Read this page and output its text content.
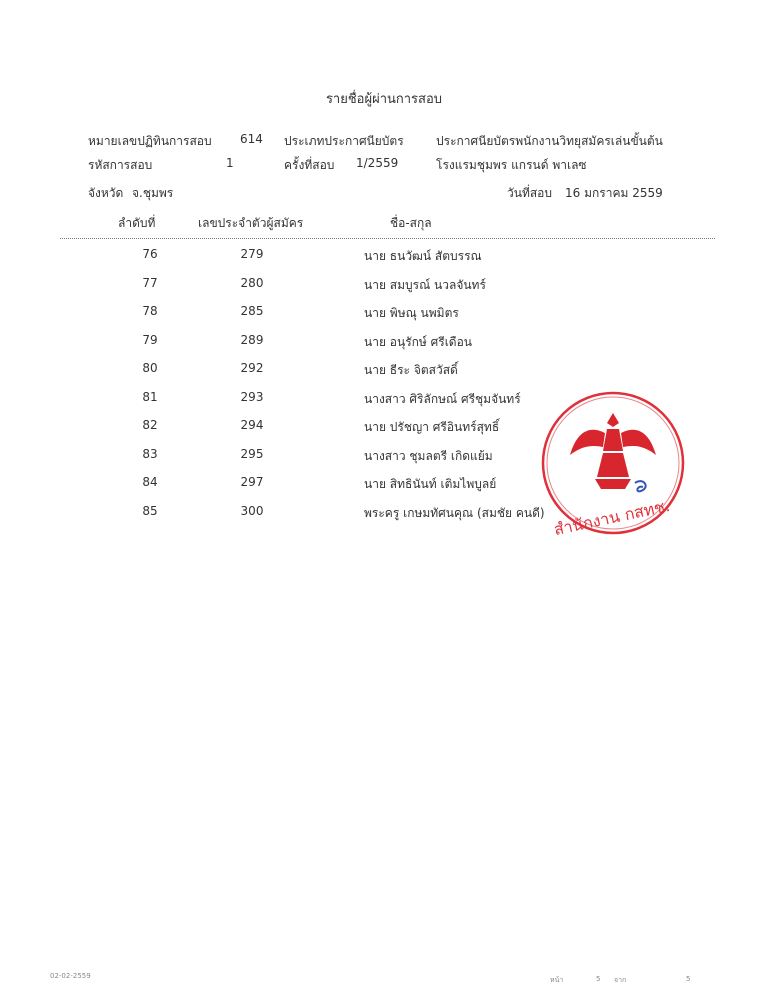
รายชื่อผู้ผ่านการสอบ
หมายเลขปฏิทินการสอบ 614 ประเภทประกาศนียบัตร	ประกาศนียบัตรพนักงานวิทยุสมัครเล่นขั้นต้น
รหัสการสอบ	1	ครั้งที่สอบ 1/2559	โรงแรมชุมพร แกรนด์ พาเลซ
จังหวัด จ.ชุมพร	วันที่สอบ 16 มกราคม 2559
ลำดับที่	เลขประจำตัวผู้สมัคร	ชื่อ-สกุล
76	279	นาย ธนวัฒน์ สัตบรรณ
77	280	นาย สมบูรณ์ นวลจันทร์
78	285	นาย พิษณุ นพมิตร
79	289	นาย อนุรักษ์ ศรีเดือน
80	292	นาย ธีระ จิตสวัสดิ์
81	293	นางสาว ศิริลักษณ์ ศรีชุมจันทร์
82	294	นาย ปรัชญา ศรีอินทร์สุทธิ์
83	295	นางสาว ชุมลตรี เกิดแย้ม
84	297	นาย สิทธินันท์ เติมไพบูลย์
85	300	พระครู เกษมทัศนคุณ (สมชัย คนดี) สำนักงาน กสทช.
02-02-2559	หน้า	5 จาก	5
